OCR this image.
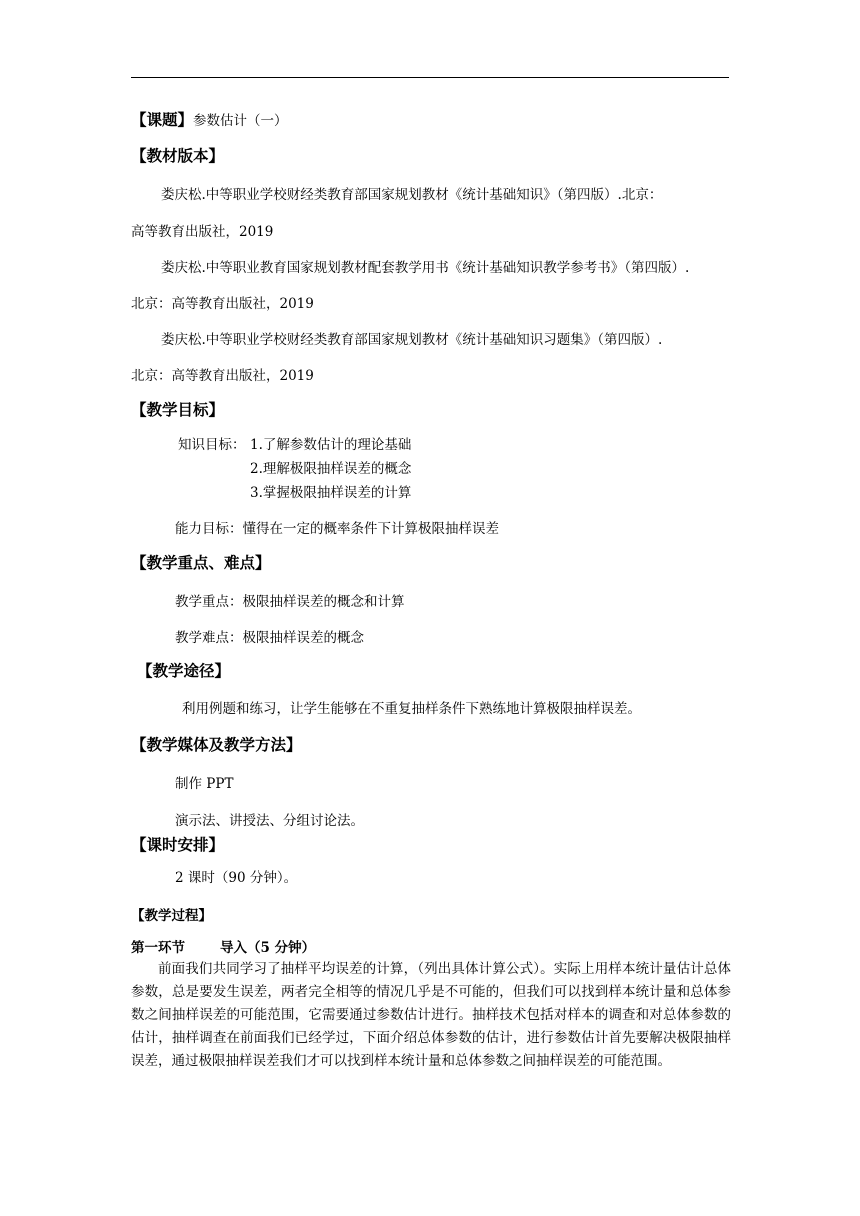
【课题】参数估计（一）
【教材版本】
娄庆松.中等职业学校财经类教育部国家规划教材《统计基础知识》（第四版）.北京：
高等教育出版社，2019
娄庆松.中等职业教育国家规划教材配套教学用书《统计基础知识教学参考书》（第四版）.
北京：高等教育出版社，2019
娄庆松.中等职业学校财经类教育部国家规划教材《统计基础知识习题集》（第四版）.
北京：高等教育出版社，2019
【教学目标】
知识目标： 1.了解参数估计的理论基础
2.理解极限抽样误差的概念
3.掌握极限抽样误差的计算
能力目标：懂得在一定的概率条件下计算极限抽样误差
【教学重点、难点】
教学重点：极限抽样误差的概念和计算
教学难点：极限抽样误差的概念
【教学途径】
利用例题和练习，让学生能够在不重复抽样条件下熟练地计算极限抽样误差。
【教学媒体及教学方法】
制作 PPT
演示法、讲授法、分组讨论法。
【课时安排】
2 课时（90 分钟）。
【教学过程】
第一环节	导入（5 分钟）
前面我们共同学习了抽样平均误差的计算，（列出具体计算公式）。实际上用样本统计量估计总体参数，总是要发生误差，两者完全相等的情况几乎是不可能的，但我们可以找到样本统计量和总体参数之间抽样误差的可能范围，它需要通过参数估计进行。抽样技术包括对样本的调查和对总体参数的估计，抽样调查在前面我们已经学过，下面介绍总体参数的估计，进行参数估计首先要解决极限抽样误差，通过极限抽样误差我们才可以找到样本统计量和总体参数之间抽样误差的可能范围。
